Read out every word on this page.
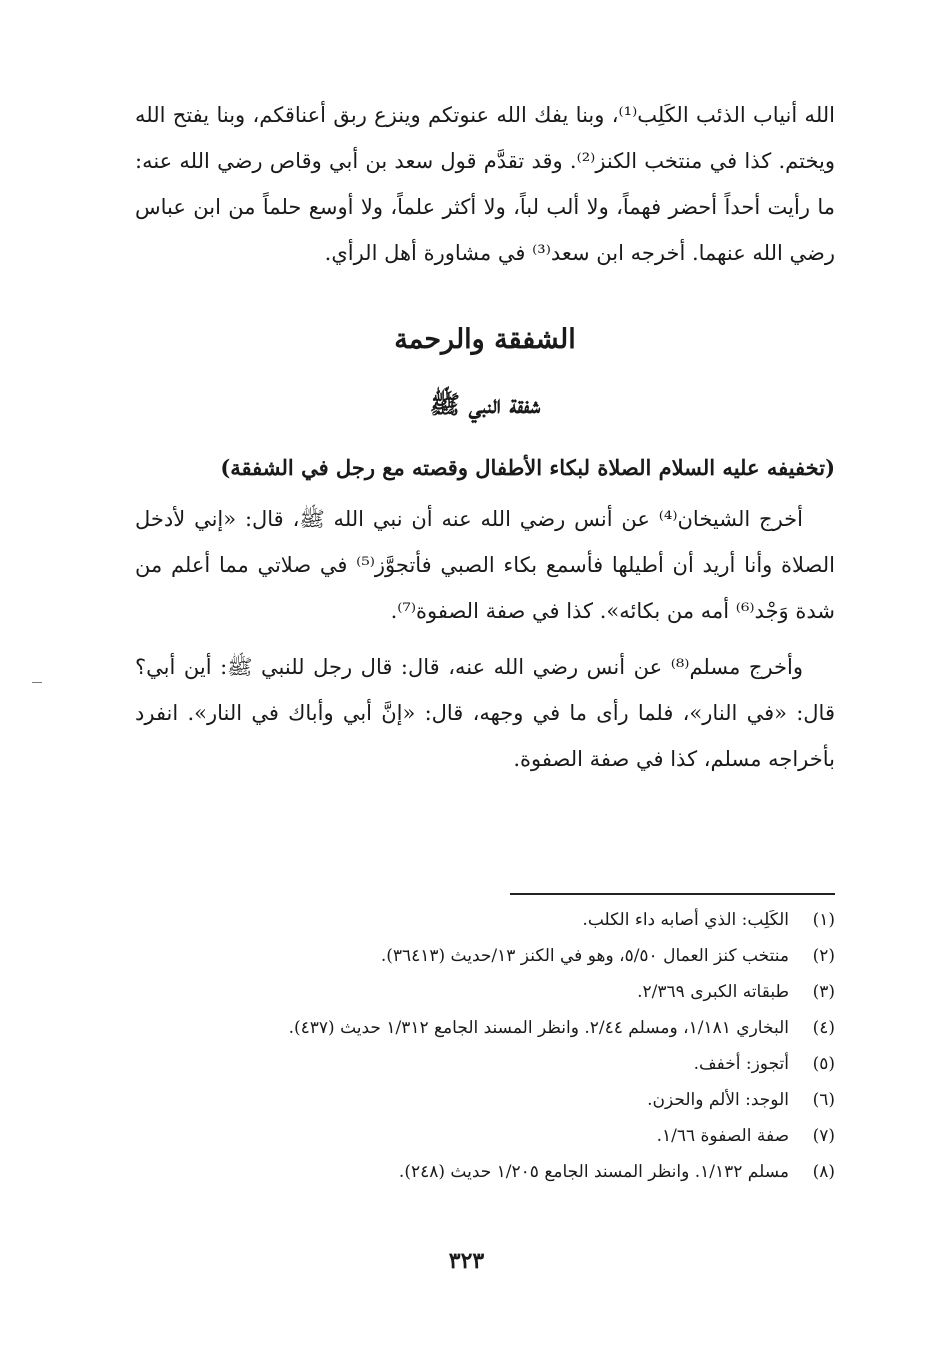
الله أنياب الذئب الكَلِب⁽¹⁾، وبنا يفك الله عنوتكم وينزع ربق أعناقكم، وبنا يفتح الله ويختم. كذا في منتخب الكنز⁽²⁾. وقد تقدَّم قول سعد بن أبي وقاص رضي الله عنه: ما رأيت أحداً أحضر فهماً، ولا ألب لباً، ولا أكثر علماً، ولا أوسع حلماً من ابن عباس رضي الله عنهما. أخرجه ابن سعد⁽³⁾ في مشاورة أهل الرأي.

الشفقة والرحمة
شفقة النبي ﷺ
(تخفيفه عليه السلام الصلاة لبكاء الأطفال وقصته مع رجل في الشفقة)

أخرج الشيخان⁽⁴⁾ عن أنس رضي الله عنه أن نبي الله ﷺ، قال: «إني لأدخل الصلاة وأنا أريد أن أطيلها فأسمع بكاء الصبي فأتجوَّز⁽⁵⁾ في صلاتي مما أعلم من شدة وَجْد⁽⁶⁾ أمه من بكائه». كذا في صفة الصفوة⁽⁷⁾.

وأخرج مسلم⁽⁸⁾ عن أنس رضي الله عنه، قال: قال رجل للنبي ﷺ: أين أبي؟ قال: «في النار»، فلما رأى ما في وجهه، قال: «إنَّ أبي وأباك في النار». انفرد بأخراجه مسلم، كذا في صفة الصفوة.

(١)
الكَلِب: الذي أصابه داء الكلب.
(٢)
منتخب كنز العمال ٥/٥٠، وهو في الكنز ١٣/حديث (٣٦٤١٣).
(٣)
طبقاته الكبرى ٢/٣٦٩.
(٤)
البخاري ١/١٨١، ومسلم ٢/٤٤. وانظر المسند الجامع ١/٣١٢ حديث (٤٣٧).
(٥)
أتجوز: أخفف.
(٦)
الوجد: الألم والحزن.
(٧)
صفة الصفوة ١/٦٦.
(٨)
مسلم ١/١٣٢. وانظر المسند الجامع ١/٢٠٥ حديث (٢٤٨).
٣٢٣
